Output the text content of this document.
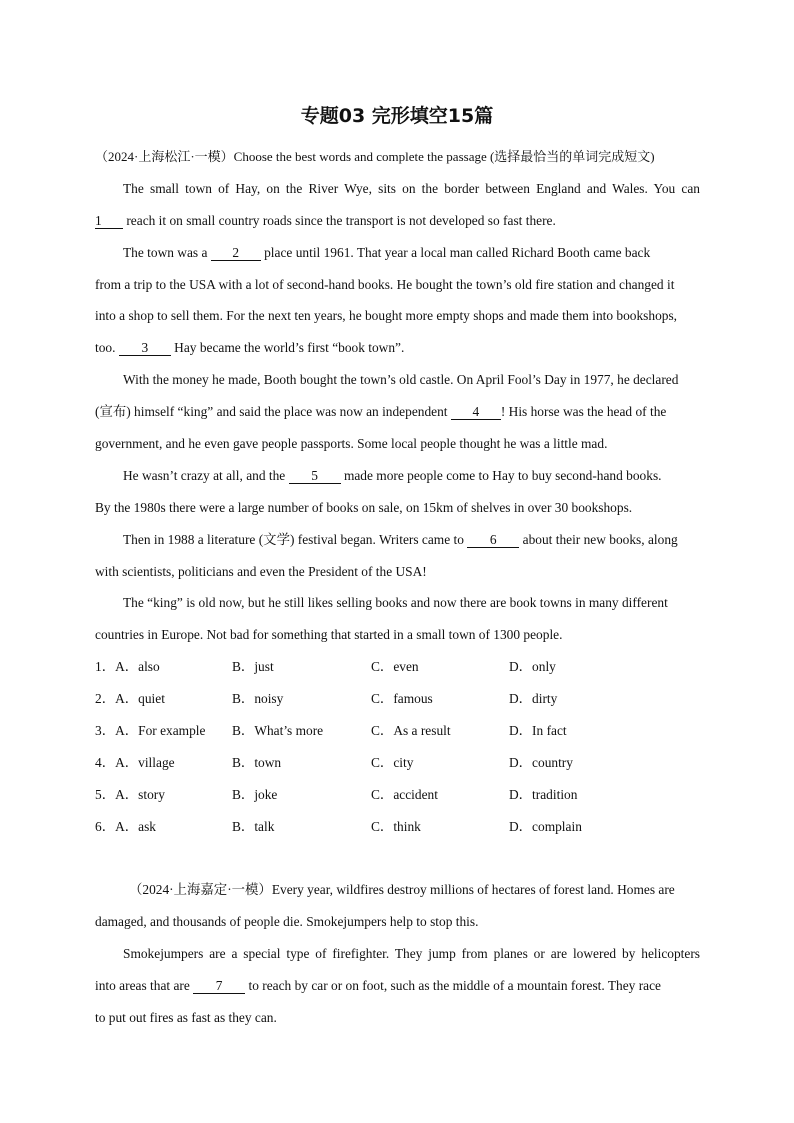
专题03 完形填空15篇
（2024·上海松江·一模）Choose the best words and complete the passage (选择最恰当的单词完成短文)
The small town of Hay, on the River Wye, sits on the border between England and Wales. You can
1 reach it on small country roads since the transport is not developed so fast there.
The town was a 2 place until 1961. That year a local man called Richard Booth came back
from a trip to the USA with a lot of second-hand books. He bought the town’s old fire station and changed it
into a shop to sell them. For the next ten years, he bought more empty shops and made them into bookshops,
too. 3 Hay became the world’s first “book town”.
With the money he made, Booth bought the town’s old castle. On April Fool’s Day in 1977, he declared
(宣布) himself “king” and said the place was now an independent 4 ! His horse was the head of the
government, and he even gave people passports. Some local people thought he was a little mad.
He wasn’t crazy at all, and the 5 made more people come to Hay to buy second-hand books.
By the 1980s there were a large number of books on sale, on 15km of shelves in over 30 bookshops.
Then in 1988 a literature (文学) festival began. Writers came to 6 about their new books, along
with scientists, politicians and even the President of the USA!
The “king” is old now, but he still likes selling books and now there are book towns in many different
countries in Europe. Not bad for something that started in a small town of 1300 people.
1．A．also	B．just	C．even	D．only
2．A．quiet	B．noisy	C．famous	D．dirty
3．A．For example B．What’s more	C．As a result	D．In fact
4．A．village	B．town	C．city	D．country
5．A．story	B．joke	C．accident	D．tradition
6．A．ask	B．talk	C．think	D．complain
（2024·上海嘉定·一模）Every year, wildfires destroy millions of hectares of forest land. Homes are
damaged, and thousands of people die. Smokejumpers help to stop this.
Smokejumpers are a special type of firefighter. They jump from planes or are lowered by helicopters
into areas that are 7 to reach by car or on foot, such as the middle of a mountain forest. They race
to put out fires as fast as they can.
